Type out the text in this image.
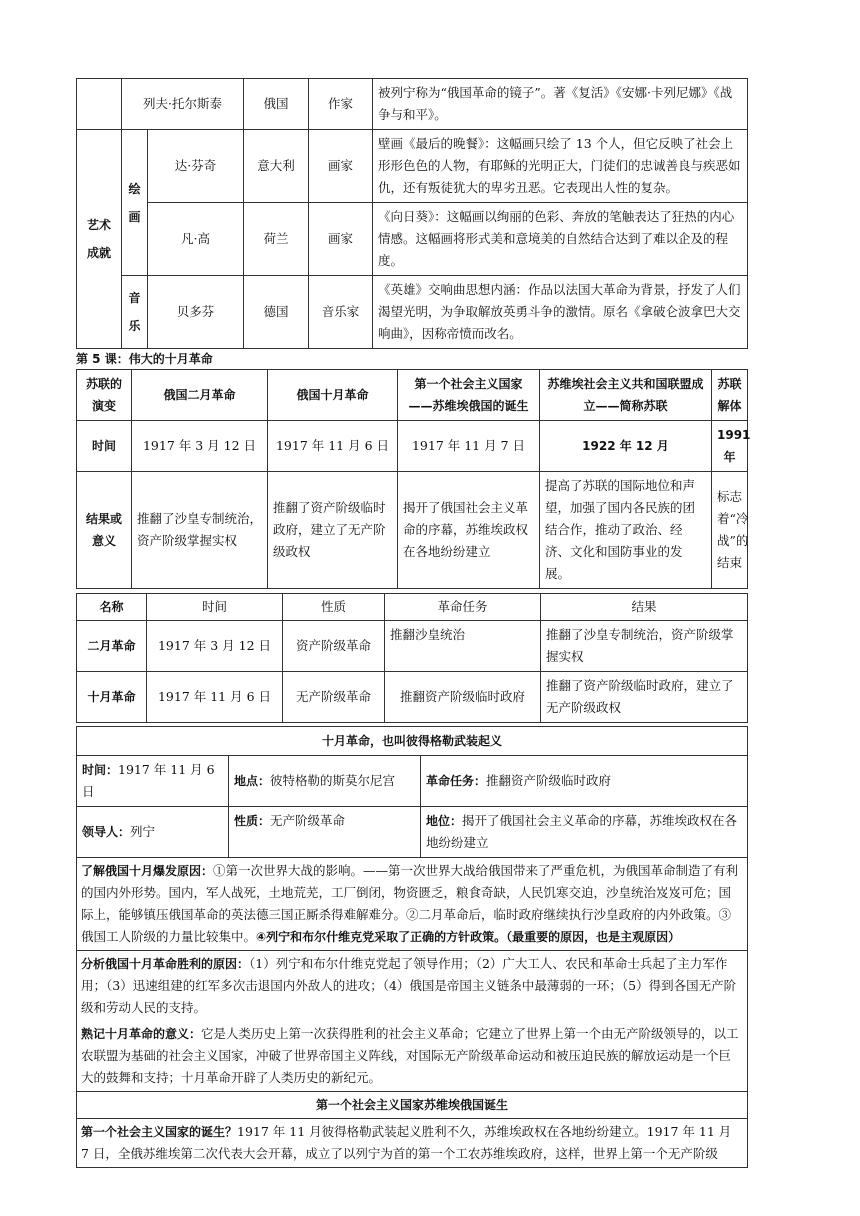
	列夫·托尔斯泰		俄国	作家	被列宁称为“俄国革命的镜子”。著《复活》《安娜·卡列尼娜》《战争与和平》。
艺术成就	绘画	达·芬奇	意大利	画家	壁画《最后的晚餐》：这幅画只绘了 13 个人，但它反映了社会上形形色色的人物，有耶稣的光明正大，门徒们的忠诚善良与疾恶如仇，还有叛徒犹大的卑劣丑恶。它表现出人性的复杂。
		凡·高	荷兰	画家	《向日葵》：这幅画以绚丽的色彩、奔放的笔触表达了狂热的内心情感。这幅画将形式美和意境美的自然结合达到了难以企及的程度。
	音乐	贝多芬	德国	音乐家	《英雄》交响曲思想内涵：作品以法国大革命为背景，抒发了人们渴望光明，为争取解放英勇斗争的激情。原名《拿破仑波拿巴大交响曲》，因称帝愤而改名。
第 5 课：伟大的十月革命
苏联的演变	俄国二月革命	俄国十月革命	第一个社会主义国家——苏维埃俄国的诞生	苏维埃社会主义共和国联盟成立——简称苏联	苏联解体
时间	1917 年 3 月 12 日	1917 年 11 月 6 日	1917 年 11 月 7 日	1922 年 12 月	1991 年
结果或意义	推翻了沙皇专制统治，资产阶级掌握实权	推翻了资产阶级临时政府，建立了无产阶级政权	揭开了俄国社会主义革命的序幕，苏维埃政权在各地纷纷建立	提高了苏联的国际地位和声望，加强了国内各民族的团结合作，推动了政治、经济、文化和国防事业的发展。	标志着“冷战”的结束
名称	时间	性质	革命任务	结果
二月革命	1917 年 3 月 12 日	资产阶级革命	推翻沙皇统治	推翻了沙皇专制统治，资产阶级掌握实权
十月革命	1917 年 11 月 6 日	无产阶级革命	推翻资产阶级临时政府	推翻了资产阶级临时政府，建立了无产阶级政权
十月革命，也叫彼得格勒武装起义		
时间：1917 年 11 月 6 日	地点：彼特格勒的斯莫尔尼宫	革命任务：推翻资产阶级临时政府
领导人：列宁	性质：无产阶级革命	地位：揭开了俄国社会主义革命的序幕，苏维埃政权在各地纷纷建立
了解俄国十月爆发原因：①第一次世界大战的影响。——第一次世界大战给俄国带来了严重危机，为俄国革命制造了有利的国内外形势。国内，军人战死，土地荒芜，工厂倒闭，物资匮乏，粮食奇缺，人民饥寒交迫，沙皇统治岌岌可危；国际上，能够镇压俄国革命的英法德三国正厮杀得难解难分。②二月革命后，临时政府继续执行沙皇政府的内外政策。③俄国工人阶级的力量比较集中。④列宁和布尔什维克党采取了正确的方针政策。（最重要的原因，也是主观原因）
分析俄国十月革命胜利的原因：（1）列宁和布尔什维克党起了领导作用；（2）广大工人、农民和革命士兵起了主力军作用；（3）迅速组建的红军多次击退国内外敌人的进攻；（4）俄国是帝国主义链条中最薄弱的一环；（5）得到各国无产阶级和劳动人民的支持。
熟记十月革命的意义：它是人类历史上第一次获得胜利的社会主义革命；它建立了世界上第一个由无产阶级领导的，以工农联盟为基础的社会主义国家，冲破了世界帝国主义阵线，对国际无产阶级革命运动和被压迫民族的解放运动是一个巨大的鼓舞和支持；十月革命开辟了人类历史的新纪元。
第一个社会主义国家苏维埃俄国诞生
第一个社会主义国家的诞生？1917 年 11 月彼得格勒武装起义胜利不久，苏维埃政权在各地纷纷建立。1917 年 11 月 7 日，全俄苏维埃第二次代表大会开幕，成立了以列宁为首的第一个工农苏维埃政府，这样，世界上第一个无产阶级
